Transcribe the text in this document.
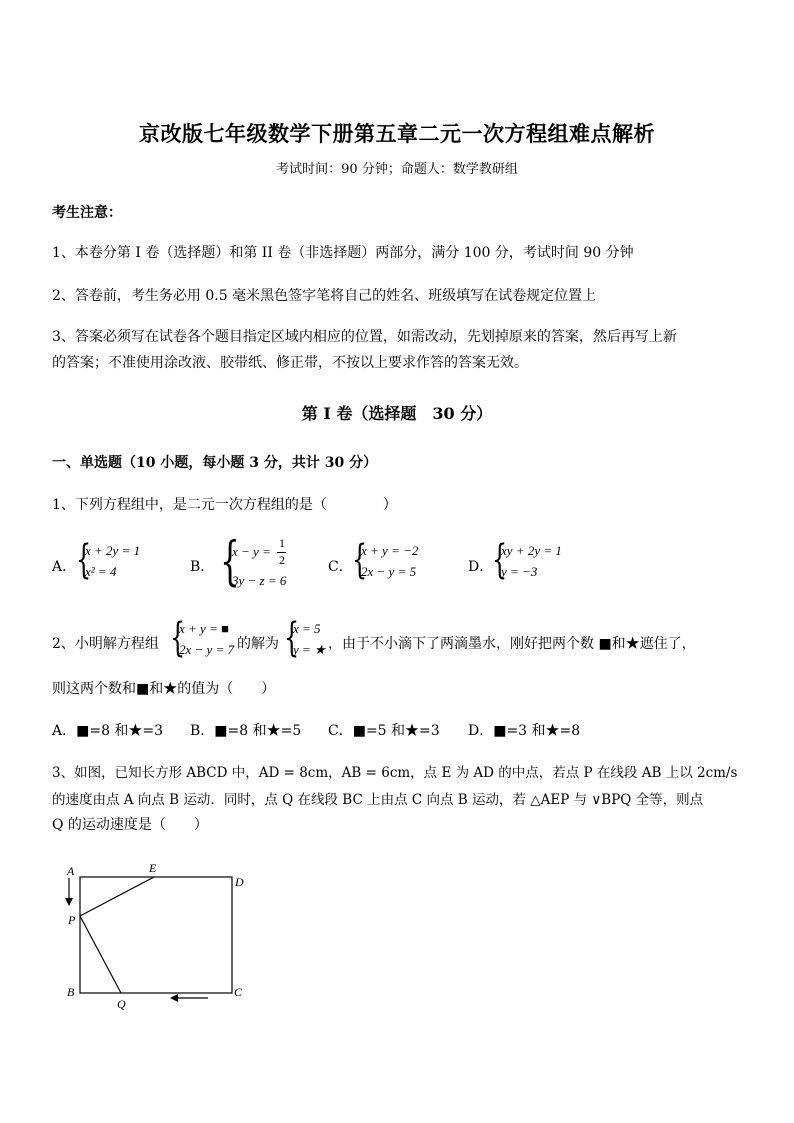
京改版七年级数学下册第五章二元一次方程组难点解析
考试时间：90 分钟；命题人：数学教研组
考生注意：
1、本卷分第 I 卷（选择题）和第 II 卷（非选择题）两部分，满分 100 分，考试时间 90 分钟
2、答卷前，考生务必用 0.5 毫米黑色签字笔将自己的姓名、班级填写在试卷规定位置上
3、答案必须写在试卷各个题目指定区域内相应的位置，如需改动，先划掉原来的答案，然后再写上新
的答案；不准使用涂改液、胶带纸、修正带，不按以上要求作答的答案无效。
第 I 卷（选择题　30 分）
一、单选题（10 小题，每小题 3 分，共计 30 分）
1、下列方程组中，是二元一次方程组的是（　　　　）
A． {
x + 2y = 1
x² = 4	B． {
x − y =
1
2
3y − z = 6
C． {
x + y = −2
2x − y = 5	D．
{
xy + 2y = 1
y = −3
2、小明解方程组 {
x + y = ■
2x − y = 7 的解为 {
x = 5
y = ★ ，由于不小滴下了两滴墨水，刚好把两个数 ■和★遮住了，
则这两个数和■和★的值为（　　）
A．■=8 和★=3 B．■=8 和★=5 C．■=5 和★=3 D．■=3 和★=8
3、如图，已知长方形 ABCD 中，AD = 8cm，AB = 6cm，点 E 为 AD 的中点，若点 P 在线段 AB 上以 2cm/s
的速度由点 A 向点 B 运动．同时，点 Q 在线段 BC 上由点 C 向点 B 运动，若 △AEP 与 ∨BPQ 全等，则点
Q 的运动速度是（　　）
A	E
D
P
B
Q
C
